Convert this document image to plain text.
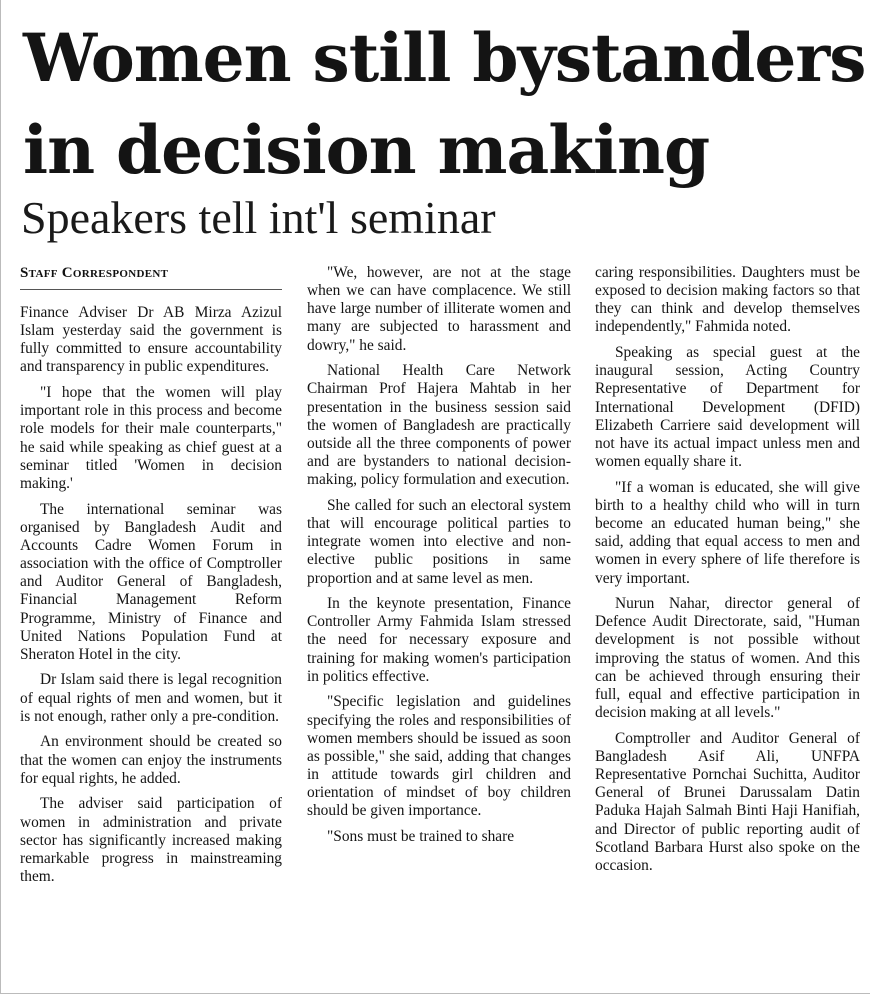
Women still bystanders
in decision making
Speakers tell int'l seminar
Staff Correspondent

Finance Adviser Dr AB Mirza Azizul Islam yesterday said the government is fully committed to ensure accountability and transparency in public expenditures.

"I hope that the women will play important role in this process and become role models for their male counterparts," he said while speaking as chief guest at a seminar titled 'Women in decision making.'

The international seminar was organised by Bangladesh Audit and Accounts Cadre Women Forum in association with the office of Comptroller and Auditor General of Bangladesh, Financial Management Reform Programme, Ministry of Finance and United Nations Population Fund at Sheraton Hotel in the city.

Dr Islam said there is legal recognition of equal rights of men and women, but it is not enough, rather only a pre-condition.

An environment should be created so that the women can enjoy the instruments for equal rights, he added.

The adviser said participation of women in administration and private sector has significantly increased making remarkable progress in mainstreaming them.

"We, however, are not at the stage when we can have complacence. We still have large number of illiterate women and many are subjected to harassment and dowry," he said.

National Health Care Network Chairman Prof Hajera Mahtab in her presentation in the business session said the women of Bangladesh are practically outside all the three components of power and are bystanders to national decision-making, policy formulation and execution.

She called for such an electoral system that will encourage political parties to integrate women into elective and non-elective public positions in same proportion and at same level as men.

In the keynote presentation, Finance Controller Army Fahmida Islam stressed the need for necessary exposure and training for making women's participation in politics effective.

"Specific legislation and guidelines specifying the roles and responsibilities of women members should be issued as soon as possible," she said, adding that changes in attitude towards girl children and orientation of mindset of boy children should be given importance.

"Sons must be trained to share

caring responsibilities. Daughters must be exposed to decision making factors so that they can think and develop themselves independently," Fahmida noted.

Speaking as special guest at the inaugural session, Acting Country Representative of Department for International Development (DFID) Elizabeth Carriere said development will not have its actual impact unless men and women equally share it.

"If a woman is educated, she will give birth to a healthy child who will in turn become an educated human being," she said, adding that equal access to men and women in every sphere of life therefore is very important.

Nurun Nahar, director general of Defence Audit Directorate, said, "Human development is not possible without improving the status of women. And this can be achieved through ensuring their full, equal and effective participation in decision making at all levels."

Comptroller and Auditor General of Bangladesh Asif Ali, UNFPA Representative Pornchai Suchitta, Auditor General of Brunei Darussalam Datin Paduka Hajah Salmah Binti Haji Hanifiah, and Director of public reporting audit of Scotland Barbara Hurst also spoke on the occasion.
